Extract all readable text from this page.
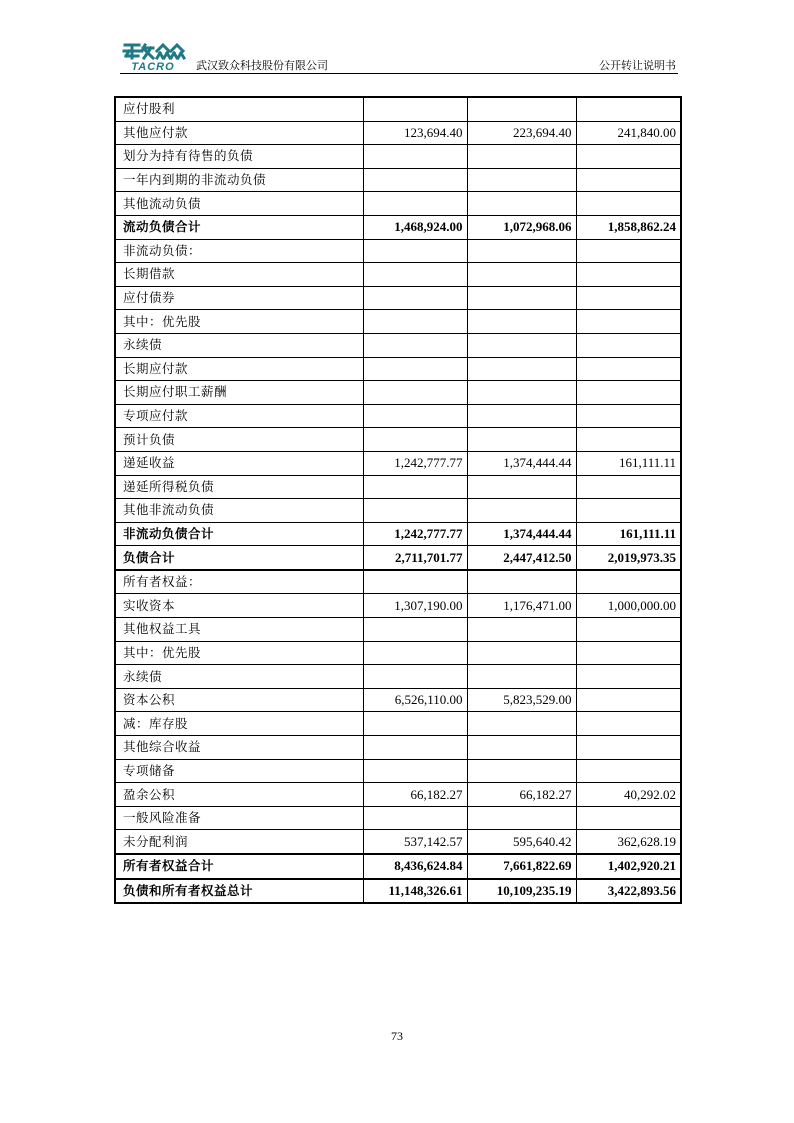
TACRO 武汉致众科技股份有限公司	公开转让说明书
应付股利			
其他应付款	123,694.40	223,694.40	241,840.00
划分为持有待售的负债			
一年内到期的非流动负债			
其他流动负债			
流动负债合计	1,468,924.00	1,072,968.06	1,858,862.24
非流动负债：			
长期借款			
应付债券			
其中：优先股			
永续债			
长期应付款			
长期应付职工薪酬			
专项应付款			
预计负债			
递延收益	1,242,777.77	1,374,444.44	161,111.11
递延所得税负债			
其他非流动负债			
非流动负债合计	1,242,777.77	1,374,444.44	161,111.11
负债合计	2,711,701.77	2,447,412.50	2,019,973.35
所有者权益：			
实收资本	1,307,190.00	1,176,471.00	1,000,000.00
其他权益工具			
其中：优先股			
永续债			
资本公积	6,526,110.00	5,823,529.00	
减：库存股			
其他综合收益			
专项储备			
盈余公积	66,182.27	66,182.27	40,292.02
一般风险准备			
未分配利润	537,142.57	595,640.42	362,628.19
所有者权益合计	8,436,624.84	7,661,822.69	1,402,920.21
负债和所有者权益总计	11,148,326.61	10,109,235.19	3,422,893.56
73
